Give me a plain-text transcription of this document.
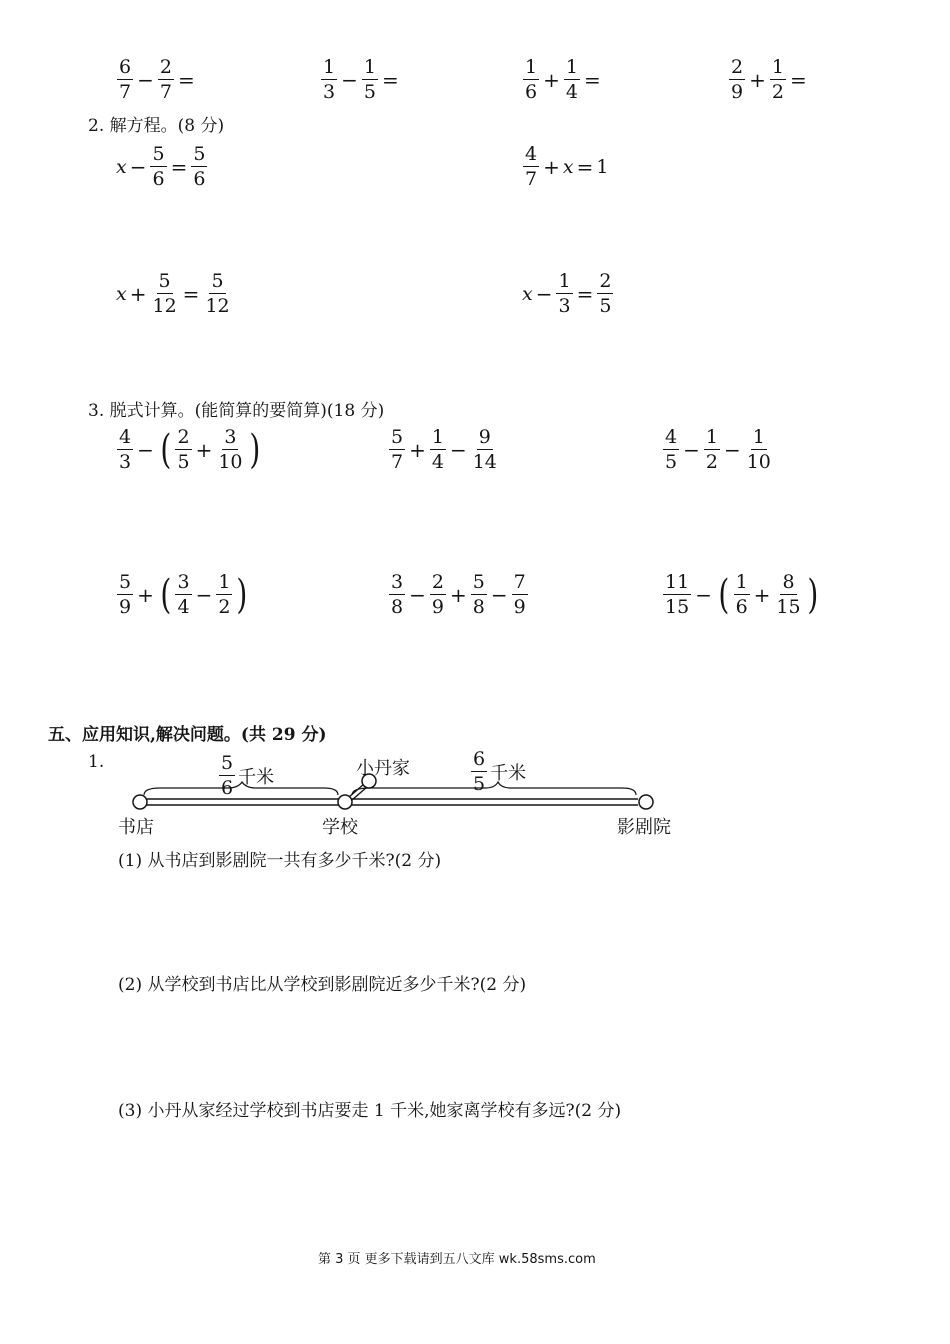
$\frac{6}{7} - \frac{2}{7}$ =	$\frac{1}{3} - \frac{1}{5}$ =	$\frac{1}{6} + \frac{1}{4}$ =	$\frac{2}{9} + \frac{1}{2}$ =
2. 解方程。(8 分)
$x - \frac{5}{6} = \frac{5}{6}$	$\frac{4}{7} + x = 1$
$x + \frac{5}{12} = \frac{5}{12}$	$x - \frac{1}{3} = \frac{2}{5}$
3. 脱式计算。(能简算的要简算)(18 分)
$\frac{4}{3}$ − ( $\frac{2}{5} + \frac{3}{10}$ )	$\frac{5}{7} + \frac{1}{4} - \frac{9}{14}$	$\frac{4}{5} - \frac{1}{2} - \frac{1}{10}$
$\frac{5}{9}$ + ( $\frac{3}{4} - \frac{1}{2}$ )	$\frac{3}{8} - \frac{2}{9} + \frac{5}{8} - \frac{7}{9}$	$\frac{11}{15}$ − ( $\frac{1}{6} + \frac{8}{15}$ )
五、应用知识,解决问题。(共 29 分)
1.	$\frac{5}{6}$ 千米	$\frac{6}{5}$ 千米
小丹家
书店	学校	影剧院
(1) 从书店到影剧院一共有多少千米?(2 分)
(2) 从学校到书店比从学校到影剧院近多少千米?(2 分)
(3) 小丹从家经过学校到书店要走 1 千米,她家离学校有多远?(2 分)
第 3 页 更多下载请到五八文库 wk.58sms.com
